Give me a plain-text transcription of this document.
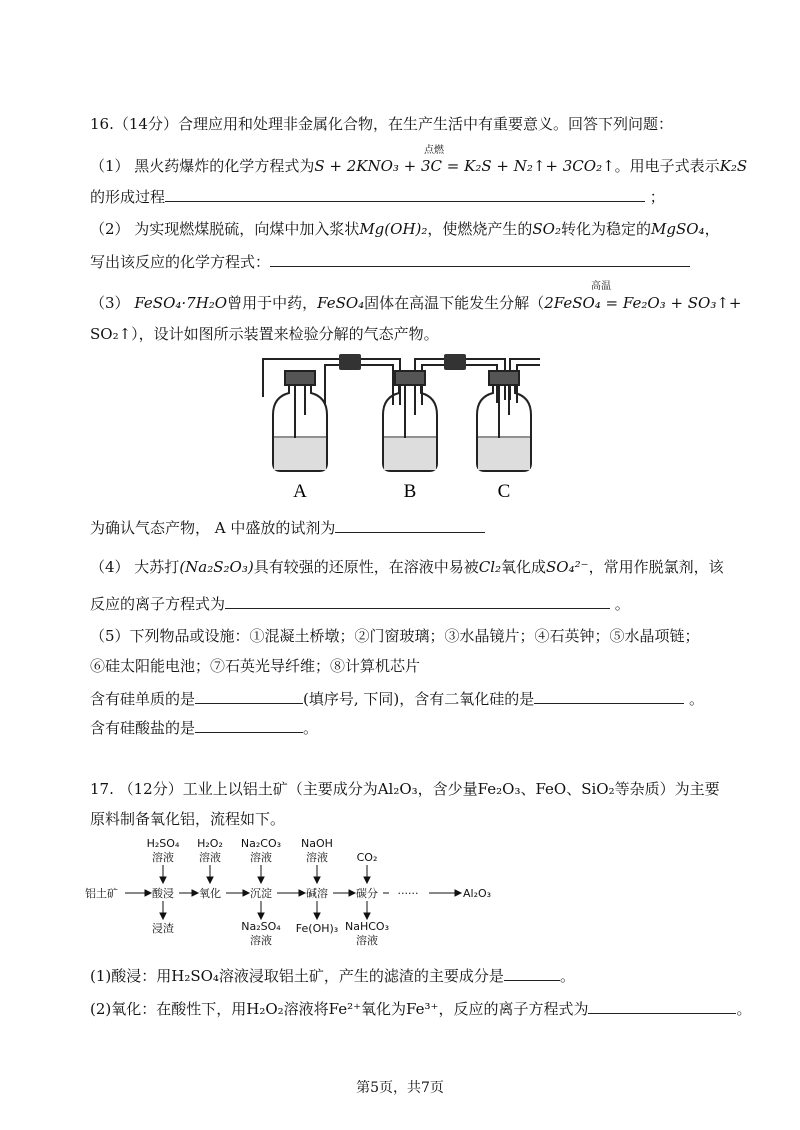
16.（14分）合理应用和处理非金属化合物，在生产生活中有重要意义。回答下列问题：
（1） 黑火药爆炸的化学方程式为S + 2KNO₃ + 3C = K₂S + N₂↑+ 3CO₂↑。用电子式表示K₂S
点燃
的形成过程	；
（2） 为实现燃煤脱硫，向煤中加入浆状Mg(OH)₂，使燃烧产生的SO₂转化为稳定的MgSO₄，
写出该反应的化学方程式：
（3） FeSO₄·7H₂O曾用于中药，FeSO₄固体在高温下能发生分解（2FeSO₄ = Fe₂O₃ + SO₃↑+
高温
SO₂↑），设计如图所示装置来检验分解的气态产物。
A	B	C
为确认气态产物， A 中盛放的试剂为
（4） 大苏打(Na₂S₂O₃)具有较强的还原性，在溶液中易被Cl₂氧化成SO₄²⁻，常用作脱氯剂，该
反应的离子方程式为	。
（5）下列物品或设施：①混凝土桥墩；②门窗玻璃；③水晶镜片；④石英钟；⑤水晶项链；
⑥硅太阳能电池；⑦石英光导纤维；⑧计算机芯片
含有硅单质的是	(填序号, 下同)，含有二氧化硅的是	。
含有硅酸盐的是	。
17. （12分）工业上以铝土矿（主要成分为Al₂O₃，含少量Fe₂O₃、FeO、SiO₂等杂质）为主要
原料制备氧化铝，流程如下。
H₂SO₄
溶液
H₂O₂
溶液
Na₂CO₃
溶液
NaOH
溶液	CO₂
铝土矿	酸浸 氧化	沉淀	碱溶	碳分 ······	Al₂O₃
浸渣	Na₂SO₄
溶液
Fe(OH)₃ NaHCO₃
溶液
(1)酸浸：用H₂SO₄溶液浸取铝土矿，产生的滤渣的主要成分是	。
(2)氧化：在酸性下，用H₂O₂溶液将Fe²⁺氧化为Fe³⁺，反应的离子方程式为	。
第5页，共7页
